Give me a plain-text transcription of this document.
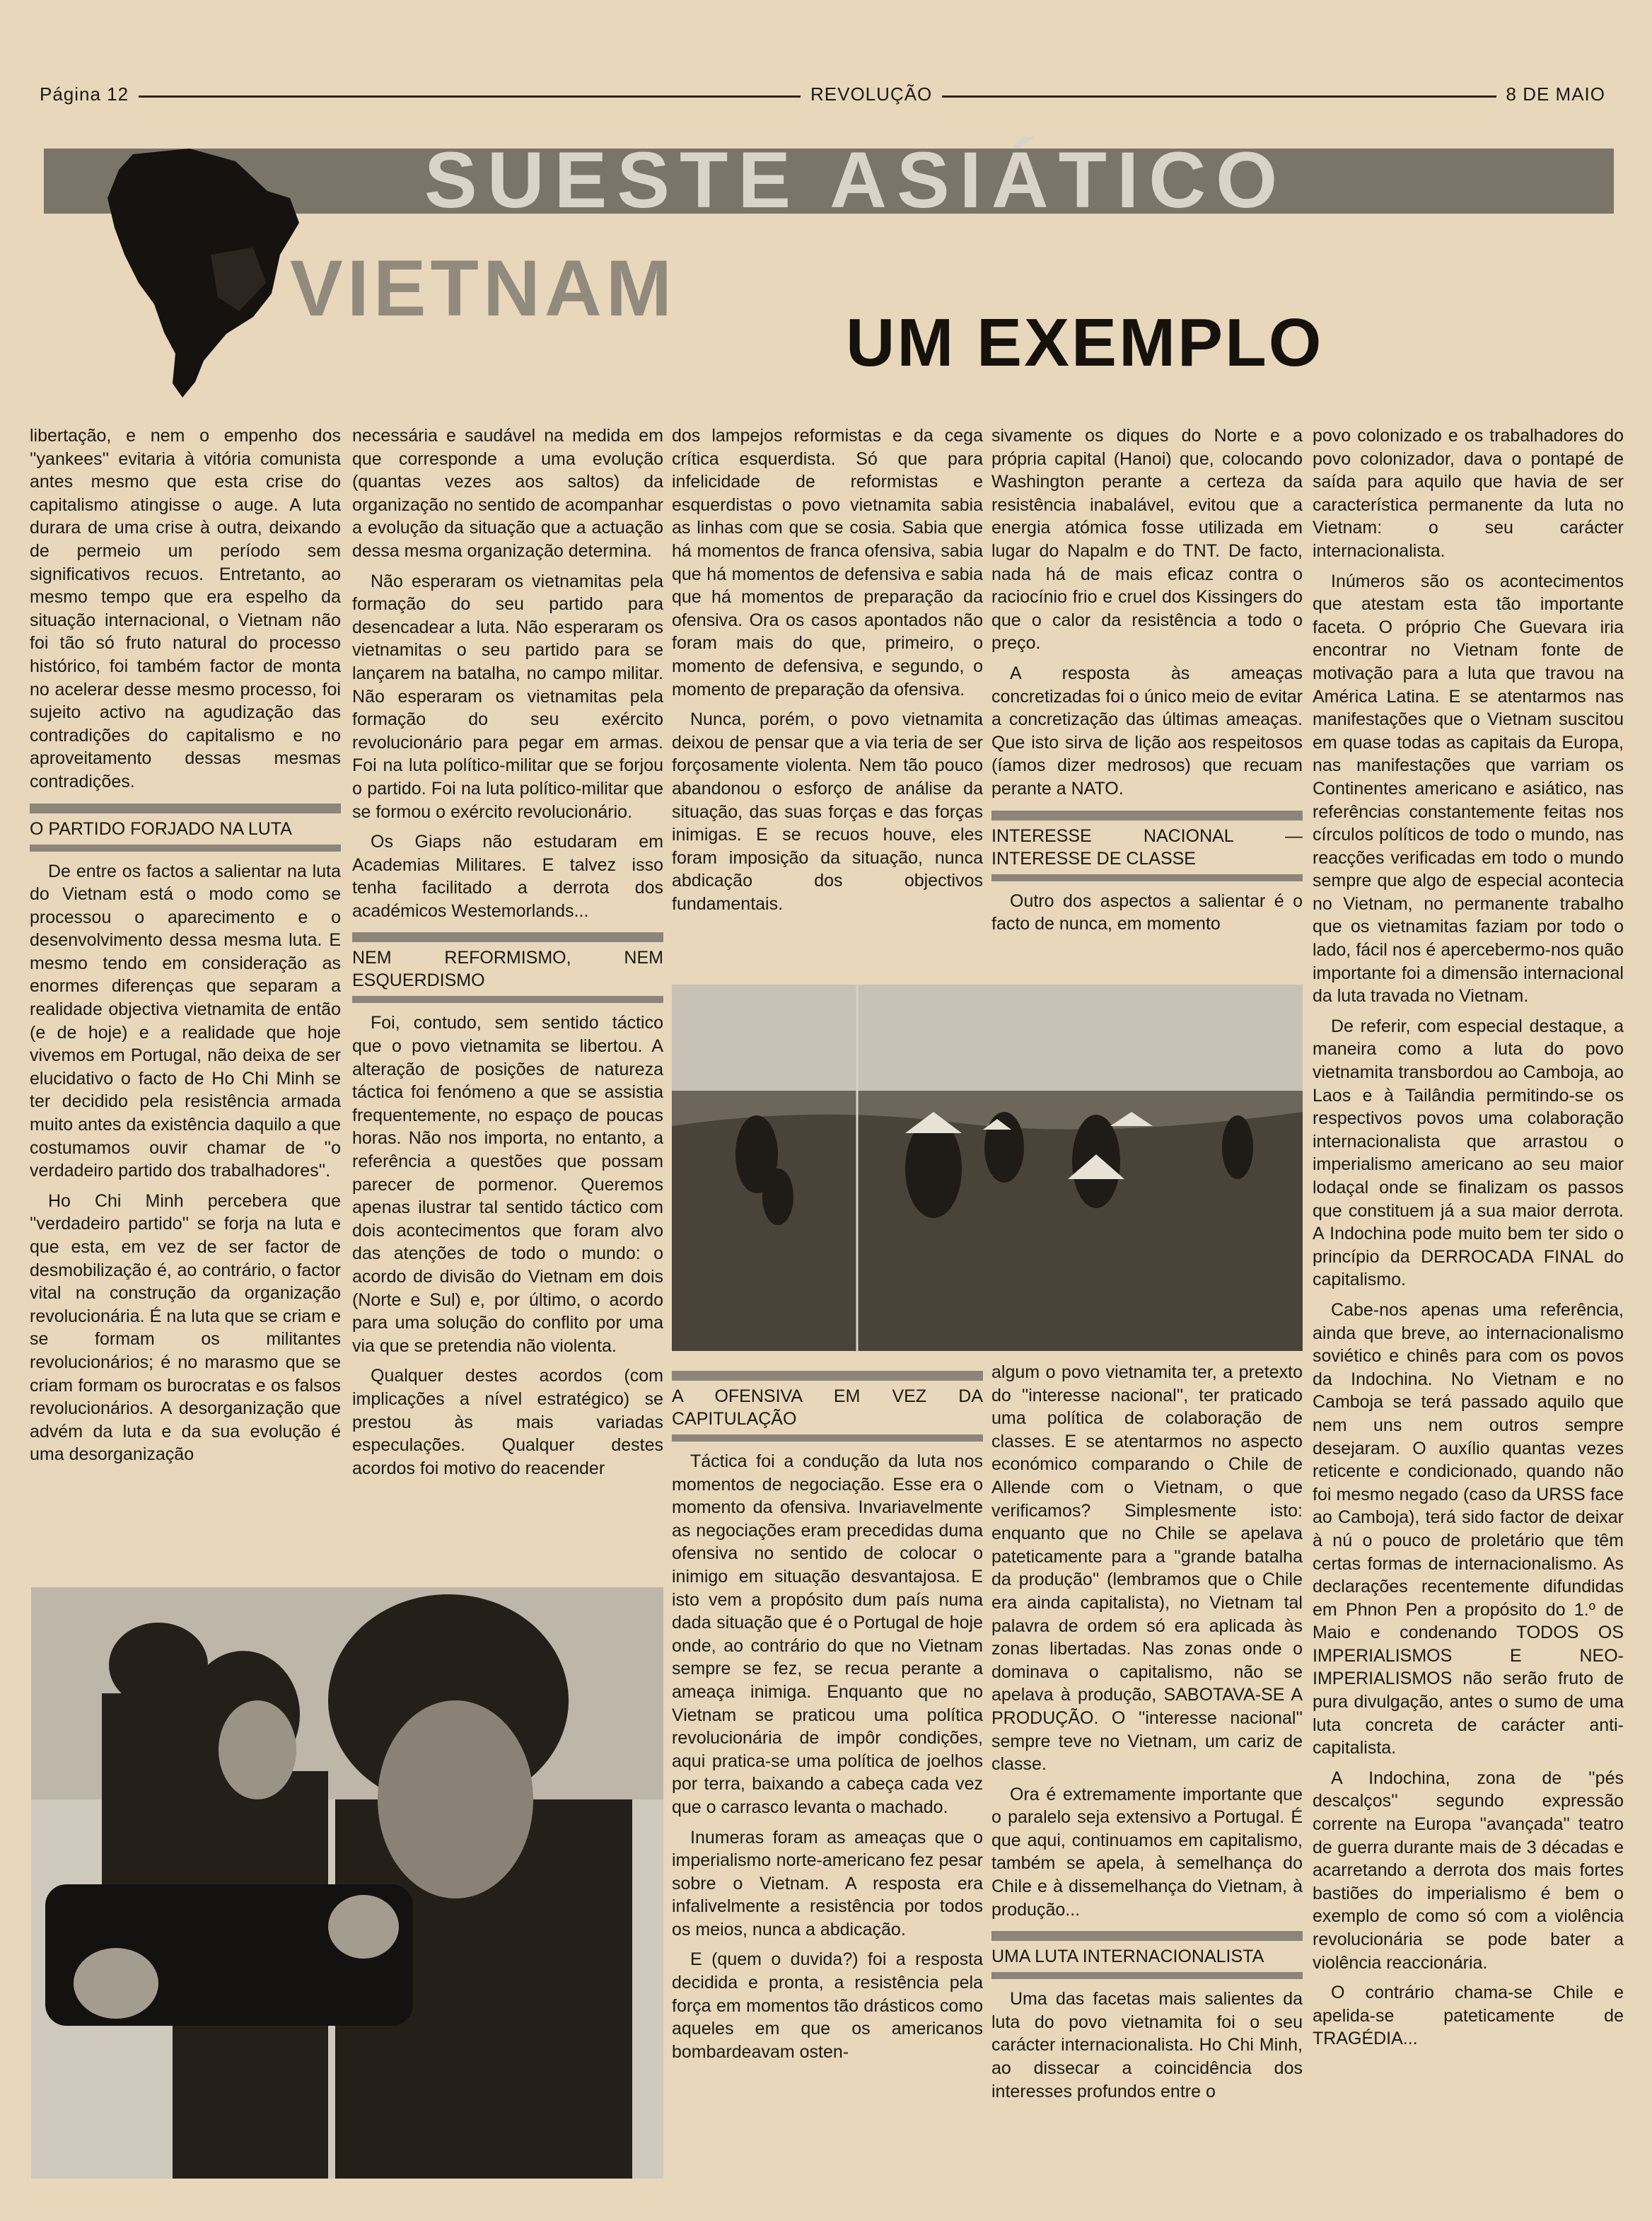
Página 12	REVOLUÇÃO	8 DE MAIO
SUESTE ASIÁTICO
VIETNAM
UM EXEMPLO

libertação, e nem o empenho dos ''yankees'' evitaria à vitória comunista antes mesmo que esta crise do capitalismo atingisse o auge. A luta durara de uma crise à outra, deixando de permeio um período sem significativos recuos. Entretanto, ao mesmo tempo que era espelho da situação internacional, o Vietnam não foi tão só fruto natural do processo histórico, foi também factor de monta no acelerar desse mesmo processo, foi sujeito activo na agudização das contradições do capitalismo e no aproveitamento dessas mesmas contradições.

O PARTIDO FORJADO NA LUTA

De entre os factos a salientar na luta do Vietnam está o modo como se processou o aparecimento e o desenvolvimento dessa mesma luta. E mesmo tendo em consideração as enormes diferenças que separam a realidade objectiva vietnamita de então (e de hoje) e a realidade que hoje vivemos em Portugal, não deixa de ser elucidativo o facto de Ho Chi Minh se ter decidido pela resistência armada muito antes da existência daquilo a que costumamos ouvir chamar de ''o verdadeiro partido dos trabalhadores''.

Ho Chi Minh percebera que ''verdadeiro partido'' se forja na luta e que esta, em vez de ser factor de desmobilização é, ao contrário, o factor vital na construção da organização revolucionária. É na luta que se criam e se formam os militantes revolucionários; é no marasmo que se criam formam os burocratas e os falsos revolucionários. A desorganização que advém da luta e da sua evolução é uma desorganização

necessária e saudável na medida em que corresponde a uma evolução (quantas vezes aos saltos) da organização no sentido de acompanhar a evolução da situação que a actuação dessa mesma organização determina.

Não esperaram os vietnamitas pela formação do seu partido para desencadear a luta. Não esperaram os vietnamitas o seu partido para se lançarem na batalha, no campo militar. Não esperaram os vietnamitas pela formação do seu exército revolucionário para pegar em armas. Foi na luta político-militar que se forjou o partido. Foi na luta político-militar que se formou o exército revolucionário.

Os Giaps não estudaram em Academias Militares. E talvez isso tenha facilitado a derrota dos académicos Westemorlands...

NEM REFORMISMO, NEM ESQUERDISMO

Foi, contudo, sem sentido táctico que o povo vietnamita se libertou. A alteração de posições de natureza táctica foi fenómeno a que se assistia frequentemente, no espaço de poucas horas. Não nos importa, no entanto, a referência a questões que possam parecer de pormenor. Queremos apenas ilustrar tal sentido táctico com dois acontecimentos que foram alvo das atenções de todo o mundo: o acordo de divisão do Vietnam em dois (Norte e Sul) e, por último, o acordo para uma solução do conflito por uma via que se pretendia não violenta.

Qualquer destes acordos (com implicações a nível estratégico) se prestou às mais variadas especulações. Qualquer destes acordos foi motivo do reacender

dos lampejos reformistas e da cega crítica esquerdista. Só que para infelicidade de reformistas e esquerdistas o povo vietnamita sabia as linhas com que se cosia. Sabia que há momentos de franca ofensiva, sabia que há momentos de defensiva e sabia que há momentos de preparação da ofensiva. Ora os casos apontados não foram mais do que, primeiro, o momento de defensiva, e segundo, o momento de preparação da ofensiva.

Nunca, porém, o povo vietnamita deixou de pensar que a via teria de ser forçosamente violenta. Nem tão pouco abandonou o esforço de análise da situação, das suas forças e das forças inimigas. E se recuos houve, eles foram imposição da situação, nunca abdicação dos objectivos fundamentais.

sivamente os diques do Norte e a própria capital (Hanoi) que, colocando Washington perante a certeza da resistência inabalável, evitou que a energia atómica fosse utilizada em lugar do Napalm e do TNT. De facto, nada há de mais eficaz contra o raciocínio frio e cruel dos Kissingers do que o calor da resistência a todo o preço.

A resposta às ameaças concretizadas foi o único meio de evitar a concretização das últimas ameaças. Que isto sirva de lição aos respeitosos (íamos dizer medrosos) que recuam perante a NATO.

INTERESSE NACIONAL — INTERESSE DE CLASSE

Outro dos aspectos a salientar é o facto de nunca, em momento

A OFENSIVA EM VEZ DA CAPITULAÇÃO

Táctica foi a condução da luta nos momentos de negociação. Esse era o momento da ofensiva. Invariavelmente as negociações eram precedidas duma ofensiva no sentido de colocar o inimigo em situação desvantajosa. E isto vem a propósito dum país numa dada situação que é o Portugal de hoje onde, ao contrário do que no Vietnam sempre se fez, se recua perante a ameaça inimiga. Enquanto que no Vietnam se praticou uma política revolucionária de impôr condições, aqui pratica-se uma política de joelhos por terra, baixando a cabeça cada vez que o carrasco levanta o machado.

Inumeras foram as ameaças que o imperialismo norte-americano fez pesar sobre o Vietnam. A resposta era infalivelmente a resistência por todos os meios, nunca a abdicação.

E (quem o duvida?) foi a resposta decidida e pronta, a resistência pela força em momentos tão drásticos como aqueles em que os americanos bombardeavam osten-

algum o povo vietnamita ter, a pretexto do ''interesse nacional'', ter praticado uma política de colaboração de classes. E se atentarmos no aspecto económico comparando o Chile de Allende com o Vietnam, o que verificamos? Simplesmente isto: enquanto que no Chile se apelava pateticamente para a ''grande batalha da produção'' (lembramos que o Chile era ainda capitalista), no Vietnam tal palavra de ordem só era aplicada às zonas libertadas. Nas zonas onde o dominava o capitalismo, não se apelava à produção, SABOTAVA-SE A PRODUÇÃO. O ''interesse nacional'' sempre teve no Vietnam, um cariz de classe.

Ora é extremamente importante que o paralelo seja extensivo a Portugal. É que aqui, continuamos em capitalismo, também se apela, à semelhança do Chile e à dissemelhança do Vietnam, à produção...

UMA LUTA INTERNACIONALISTA

Uma das facetas mais salientes da luta do povo vietnamita foi o seu carácter internacionalista. Ho Chi Minh, ao dissecar a coincidência dos interesses profundos entre o

povo colonizado e os trabalhadores do povo colonizador, dava o pontapé de saída para aquilo que havia de ser característica permanente da luta no Vietnam: o seu carácter internacionalista.

Inúmeros são os acontecimentos que atestam esta tão importante faceta. O próprio Che Guevara iria encontrar no Vietnam fonte de motivação para a luta que travou na América Latina. E se atentarmos nas manifestações que o Vietnam suscitou em quase todas as capitais da Europa, nas manifestações que varriam os Continentes americano e asiático, nas referências constantemente feitas nos círculos políticos de todo o mundo, nas reacções verificadas em todo o mundo sempre que algo de especial acontecia no Vietnam, no permanente trabalho que os vietnamitas faziam por todo o lado, fácil nos é apercebermo-nos quão importante foi a dimensão internacional da luta travada no Vietnam.

De referir, com especial destaque, a maneira como a luta do povo vietnamita transbordou ao Camboja, ao Laos e à Tailândia permitindo-se os respectivos povos uma colaboração internacionalista que arrastou o imperialismo americano ao seu maior lodaçal onde se finalizam os passos que constituem já a sua maior derrota. A Indochina pode muito bem ter sido o princípio da DERROCADA FINAL do capitalismo.

Cabe-nos apenas uma referência, ainda que breve, ao internacionalismo soviético e chinês para com os povos da Indochina. No Vietnam e no Camboja se terá passado aquilo que nem uns nem outros sempre desejaram. O auxílio quantas vezes reticente e condicionado, quando não foi mesmo negado (caso da URSS face ao Camboja), terá sido factor de deixar à nú o pouco de proletário que têm certas formas de internacionalismo. As declarações recentemente difundidas em Phnon Pen a propósito do 1.º de Maio e condenando TODOS OS IMPERIALISMOS E NEO-IMPERIALISMOS não serão fruto de pura divulgação, antes o sumo de uma luta concreta de carácter anti-capitalista.

A Indochina, zona de ''pés descalços'' segundo expressão corrente na Europa ''avançada'' teatro de guerra durante mais de 3 décadas e acarretando a derrota dos mais fortes bastiões do imperialismo é bem o exemplo de como só com a violência revolucionária se pode bater a violência reaccionária.

O contrário chama-se Chile e apelida-se pateticamente de TRAGÉDIA...
